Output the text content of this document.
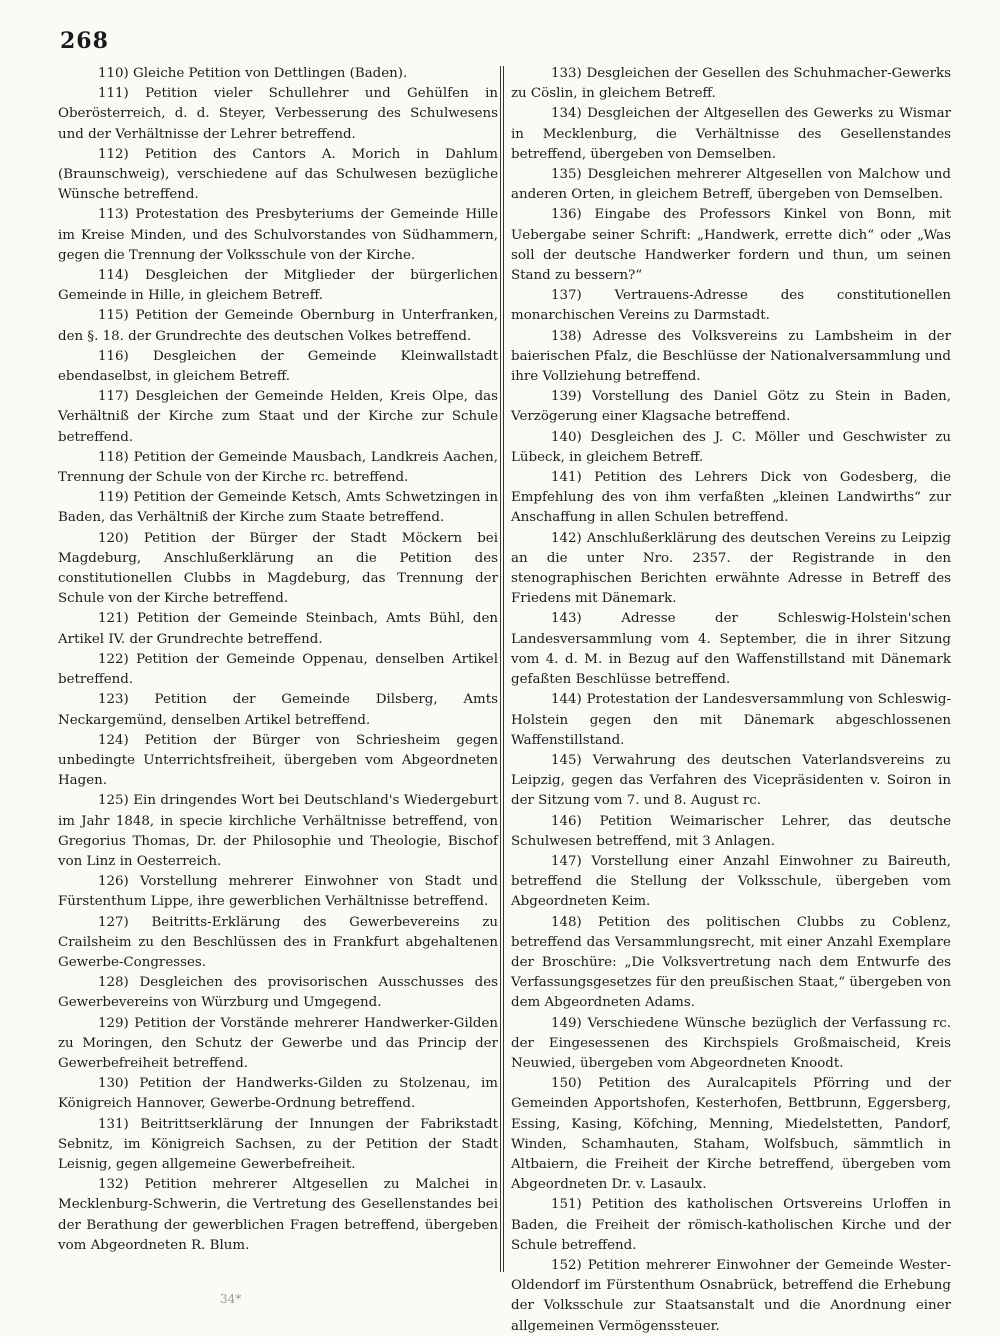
268

110) Gleiche Petition von Dettlingen (Baden).

111) Petition vieler Schullehrer und Gehülfen in Oberösterreich, d. d. Steyer, Verbesserung des Schulwesens und der Verhältnisse der Lehrer betreffend.

112) Petition des Cantors A. Morich in Dahlum (Braunschweig), verschiedene auf das Schulwesen bezügliche Wünsche betreffend.

113) Protestation des Presbyteriums der Gemeinde Hille im Kreise Minden, und des Schulvorstandes von Südhammern, gegen die Trennung der Volksschule von der Kirche.

114) Desgleichen der Mitglieder der bürgerlichen Gemeinde in Hille, in gleichem Betreff.

115) Petition der Gemeinde Obernburg in Unterfranken, den §. 18. der Grundrechte des deutschen Volkes betreffend.

116) Desgleichen der Gemeinde Kleinwallstadt ebendaselbst, in gleichem Betreff.

117) Desgleichen der Gemeinde Helden, Kreis Olpe, das Verhältniß der Kirche zum Staat und der Kirche zur Schule betreffend.

118) Petition der Gemeinde Mausbach, Landkreis Aachen, Trennung der Schule von der Kirche rc. betreffend.

119) Petition der Gemeinde Ketsch, Amts Schwetzingen in Baden, das Verhältniß der Kirche zum Staate betreffend.

120) Petition der Bürger der Stadt Möckern bei Magdeburg, Anschlußerklärung an die Petition des constitutionellen Clubbs in Magdeburg, das Trennung der Schule von der Kirche betreffend.

121) Petition der Gemeinde Steinbach, Amts Bühl, den Artikel IV. der Grundrechte betreffend.

122) Petition der Gemeinde Oppenau, denselben Artikel betreffend.

123) Petition der Gemeinde Dilsberg, Amts Neckargemünd, denselben Artikel betreffend.

124) Petition der Bürger von Schriesheim gegen unbedingte Unterrichtsfreiheit, übergeben vom Abgeordneten Hagen.

125) Ein dringendes Wort bei Deutschland's Wiedergeburt im Jahr 1848, in specie kirchliche Verhältnisse betreffend, von Gregorius Thomas, Dr. der Philosophie und Theologie, Bischof von Linz in Oesterreich.

126) Vorstellung mehrerer Einwohner von Stadt und Fürstenthum Lippe, ihre gewerblichen Verhältnisse betreffend.

127) Beitritts-Erklärung des Gewerbevereins zu Crailsheim zu den Beschlüssen des in Frankfurt abgehaltenen Gewerbe-Congresses.

128) Desgleichen des provisorischen Ausschusses des Gewerbevereins von Würzburg und Umgegend.

129) Petition der Vorstände mehrerer Handwerker-Gilden zu Moringen, den Schutz der Gewerbe und das Princip der Gewerbefreiheit betreffend.

130) Petition der Handwerks-Gilden zu Stolzenau, im Königreich Hannover, Gewerbe-Ordnung betreffend.

131) Beitrittserklärung der Innungen der Fabrikstadt Sebnitz, im Königreich Sachsen, zu der Petition der Stadt Leisnig, gegen allgemeine Gewerbefreiheit.

132) Petition mehrerer Altgesellen zu Malchei in Mecklenburg-Schwerin, die Vertretung des Gesellenstandes bei der Berathung der gewerblichen Fragen betreffend, übergeben vom Abgeordneten R. Blum.

133) Desgleichen der Gesellen des Schuhmacher-Gewerks zu Cöslin, in gleichem Betreff.

134) Desgleichen der Altgesellen des Gewerks zu Wismar in Mecklenburg, die Verhältnisse des Gesellenstandes betreffend, übergeben von Demselben.

135) Desgleichen mehrerer Altgesellen von Malchow und anderen Orten, in gleichem Betreff, übergeben von Demselben.

136) Eingabe des Professors Kinkel von Bonn, mit Uebergabe seiner Schrift: „Handwerk, errette dich“ oder „Was soll der deutsche Handwerker fordern und thun, um seinen Stand zu bessern?“

137) Vertrauens-Adresse des constitutionellen monarchischen Vereins zu Darmstadt.

138) Adresse des Volksvereins zu Lambsheim in der baierischen Pfalz, die Beschlüsse der Nationalversammlung und ihre Vollziehung betreffend.

139) Vorstellung des Daniel Götz zu Stein in Baden, Verzögerung einer Klagsache betreffend.

140) Desgleichen des J. C. Möller und Geschwister zu Lübeck, in gleichem Betreff.

141) Petition des Lehrers Dick von Godesberg, die Empfehlung des von ihm verfaßten „kleinen Landwirths“ zur Anschaffung in allen Schulen betreffend.

142) Anschlußerklärung des deutschen Vereins zu Leipzig an die unter Nro. 2357. der Registrande in den stenographischen Berichten erwähnte Adresse in Betreff des Friedens mit Dänemark.

143) Adresse der Schleswig-Holstein'schen Landesversammlung vom 4. September, die in ihrer Sitzung vom 4. d. M. in Bezug auf den Waffenstillstand mit Dänemark gefaßten Beschlüsse betreffend.

144) Protestation der Landesversammlung von Schleswig-Holstein gegen den mit Dänemark abgeschlossenen Waffenstillstand.

145) Verwahrung des deutschen Vaterlandsvereins zu Leipzig, gegen das Verfahren des Vicepräsidenten v. Soiron in der Sitzung vom 7. und 8. August rc.

146) Petition Weimarischer Lehrer, das deutsche Schulwesen betreffend, mit 3 Anlagen.

147) Vorstellung einer Anzahl Einwohner zu Baireuth, betreffend die Stellung der Volksschule, übergeben vom Abgeordneten Keim.

148) Petition des politischen Clubbs zu Coblenz, betreffend das Versammlungsrecht, mit einer Anzahl Exemplare der Broschüre: „Die Volksvertretung nach dem Entwurfe des Verfassungsgesetzes für den preußischen Staat,“ übergeben von dem Abgeordneten Adams.

149) Verschiedene Wünsche bezüglich der Verfassung rc. der Eingesessenen des Kirchspiels Großmaischeid, Kreis Neuwied, übergeben vom Abgeordneten Knoodt.

150) Petition des Auralcapitels Pförring und der Gemeinden Apportshofen, Kesterhofen, Bettbrunn, Eggersberg, Essing, Kasing, Köfching, Menning, Miedelstetten, Pandorf, Winden, Schamhauten, Staham, Wolfsbuch, sämmtlich in Altbaiern, die Freiheit der Kirche betreffend, übergeben vom Abgeordneten Dr. v. Lasaulx.

151) Petition des katholischen Ortsvereins Urloffen in Baden, die Freiheit der römisch-katholischen Kirche und der Schule betreffend.

152) Petition mehrerer Einwohner der Gemeinde Wester-Oldendorf im Fürstenthum Osnabrück, betreffend die Erhebung der Volksschule zur Staatsanstalt und die Anordnung einer allgemeinen Vermögenssteuer.

34*
